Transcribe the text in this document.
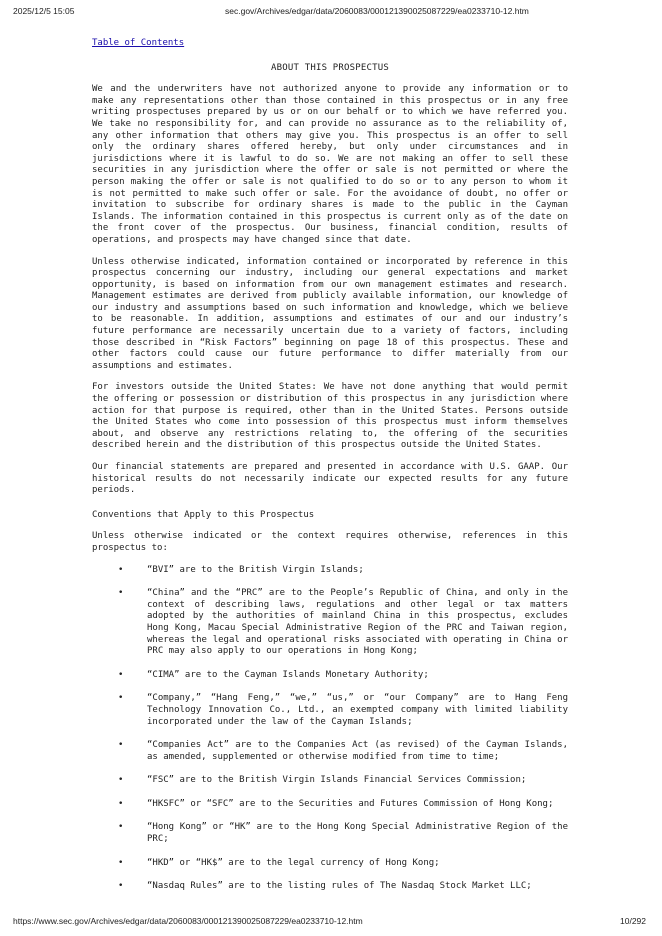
2025/12/5 15:05	sec.gov/Archives/edgar/data/2060083/000121390025087229/ea0233710-12.htm
Table of Contents
ABOUT THIS PROSPECTUS

We and the underwriters have not authorized anyone to provide any information or to make any representations other than those contained in this prospectus or in any free writing prospectuses prepared by us or on our behalf or to which we have referred you. We take no responsibility for, and can provide no assurance as to the reliability of, any other information that others may give you. This prospectus is an offer to sell only the ordinary shares offered hereby, but only under circumstances and in jurisdictions where it is lawful to do so. We are not making an offer to sell these securities in any jurisdiction where the offer or sale is not permitted or where the person making the offer or sale is not qualified to do so or to any person to whom it is not permitted to make such offer or sale. For the avoidance of doubt, no offer or invitation to subscribe for ordinary shares is made to the public in the Cayman Islands. The information contained in this prospectus is current only as of the date on the front cover of the prospectus. Our business, financial condition, results of operations, and prospects may have changed since that date.

Unless otherwise indicated, information contained or incorporated by reference in this prospectus concerning our industry, including our general expectations and market opportunity, is based on information from our own management estimates and research. Management estimates are derived from publicly available information, our knowledge of our industry and assumptions based on such information and knowledge, which we believe to be reasonable. In addition, assumptions and estimates of our and our industry’s future performance are necessarily uncertain due to a variety of factors, including those described in “Risk Factors” beginning on page 18 of this prospectus. These and other factors could cause our future performance to differ materially from our assumptions and estimates.

For investors outside the United States: We have not done anything that would permit the offering or possession or distribution of this prospectus in any jurisdiction where action for that purpose is required, other than in the United States. Persons outside the United States who come into possession of this prospectus must inform themselves about, and observe any restrictions relating to, the offering of the securities described herein and the distribution of this prospectus outside the United States.

Our financial statements are prepared and presented in accordance with U.S. GAAP. Our historical results do not necessarily indicate our expected results for any future periods.

Conventions that Apply to this Prospectus

Unless otherwise indicated or the context requires otherwise, references in this prospectus to:

•	“BVI” are to the British Virgin Islands;
•	“China” and the “PRC” are to the People’s Republic of China, and only in the context of describing laws, regulations and other legal or tax matters adopted by the authorities of mainland China in this prospectus, excludes Hong Kong, Macau Special Administrative Region of the PRC and Taiwan region, whereas the legal and operational risks associated with operating in China or PRC may also apply to our operations in Hong Kong;
•	“CIMA” are to the Cayman Islands Monetary Authority;
•	“Company,” “Hang Feng,” “we,” “us,” or “our Company” are to Hang Feng Technology Innovation Co., Ltd., an exempted company with limited liability incorporated under the law of the Cayman Islands;
•	“Companies Act” are to the Companies Act (as revised) of the Cayman Islands, as amended, supplemented or otherwise modified from time to time;
•	“FSC” are to the British Virgin Islands Financial Services Commission;
•	“HKSFC” or “SFC” are to the Securities and Futures Commission of Hong Kong;
•	“Hong Kong” or “HK” are to the Hong Kong Special Administrative Region of the PRC;
•	“HKD” or “HK$” are to the legal currency of Hong Kong;
•	“Nasdaq Rules” are to the listing rules of The Nasdaq Stock Market LLC;
https://www.sec.gov/Archives/edgar/data/2060083/000121390025087229/ea0233710-12.htm	10/292
